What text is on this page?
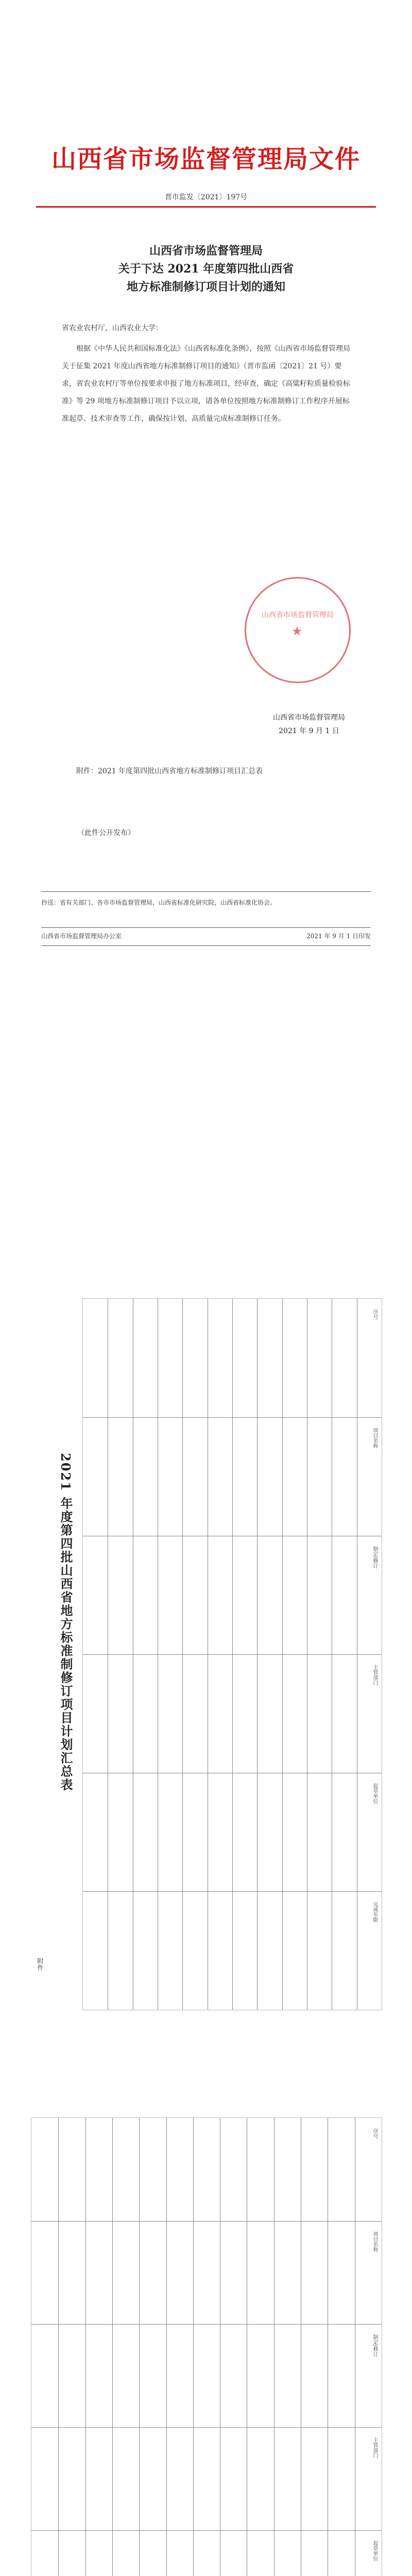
山西省市场监督管理局文件
晋市监发〔2021〕197号
山西省市场监督管理局
关于下达 2021 年度第四批山西省
地方标准制修订项目计划的通知
省农业农村厅，山西农业大学：
根据《中华人民共和国标准化法》《山西省标准化条例》，按照《山西省市场监督管理局关于征集 2021 年度山西省地方标准制修订项目的通知》（晋市监函〔2021〕21 号）要求，省农业农村厅等单位按要求申报了地方标准项目，经审查，确定《高粱籽粒质量检验标准》等 29 项地方标准制修订项目予以立项，请各单位按照地方标准制修订工作程序开展标准起草、技术审查等工作，确保按计划、高质量完成标准制修订任务。
附件：2021 年度第四批山西省地方标准制修订项目汇总表
山西省市场监督管理局
★
山西省市场监督管理局
2021 年 9 月 1 日
（此件公开发布）
抄送：省有关部门、各市市场监督管理局，山西省标准化研究院，山西省标准化协会。
山西省市场监督管理局办公室	2021 年 9 月 1 日印发
附件
2021 年度第四批山西省地方标准制修订项目计划汇总表
序号
项目名称
制定/修订
主管部门
起草单位
完成年限
序号
项目名称
制定/修订
主管部门
起草单位
